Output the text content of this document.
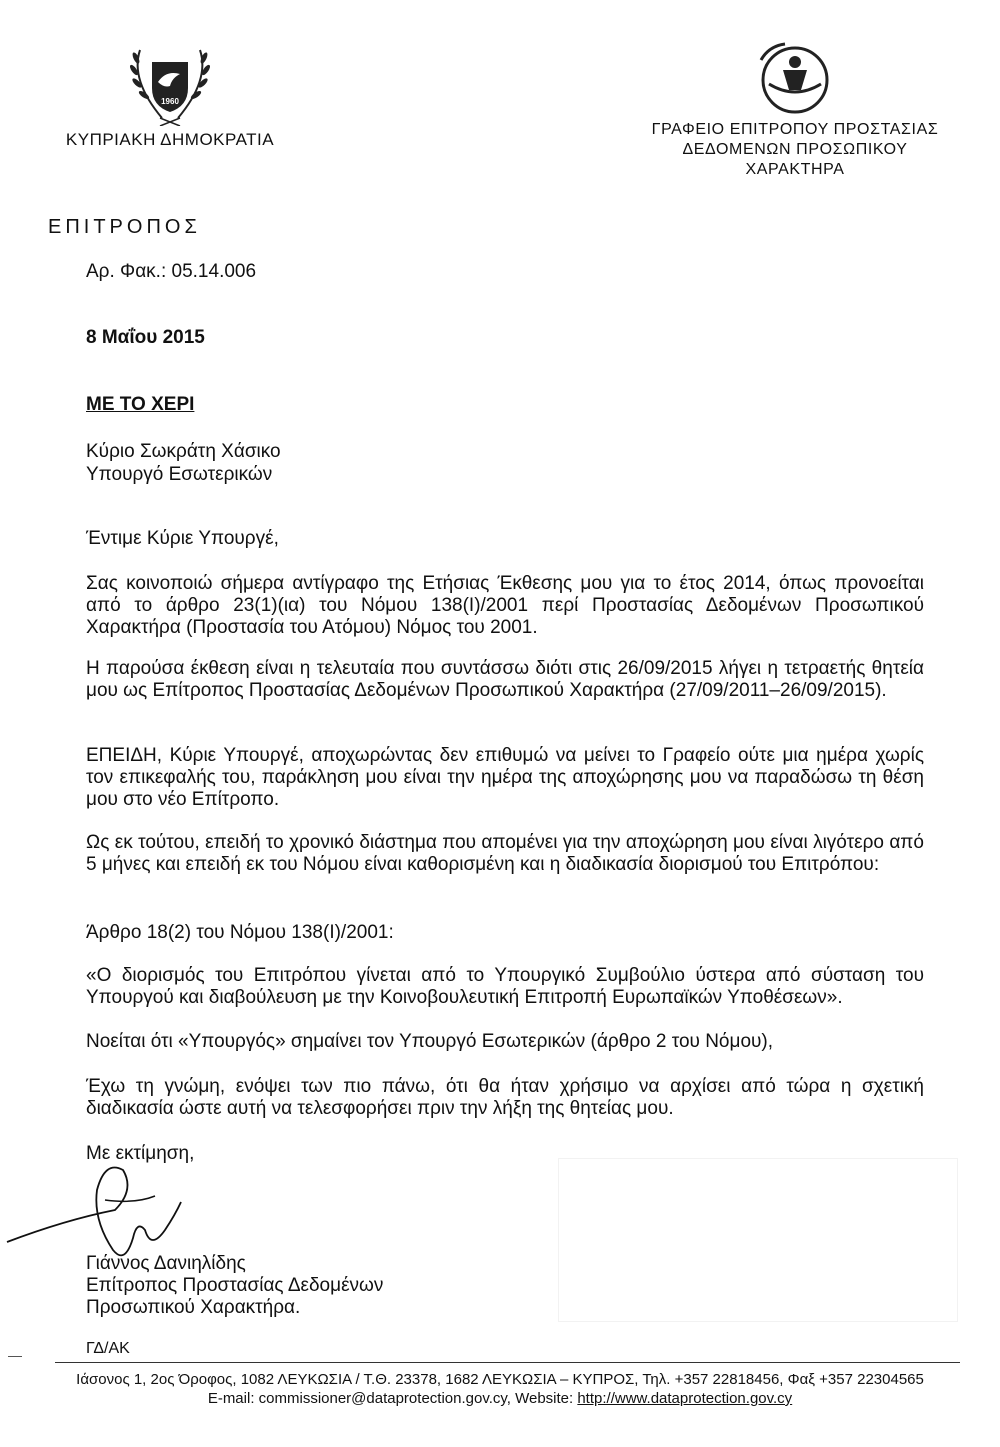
1960
ΚΥΠΡΙΑΚΗ ΔΗΜΟΚΡΑΤΙΑ
ΓΡΑΦΕΙΟ ΕΠΙΤΡΟΠΟΥ ΠΡΟΣΤΑΣΙΑΣ
ΔΕΔΟΜΕΝΩΝ ΠΡΟΣΩΠΙΚΟΥ
ΧΑΡΑΚΤΗΡΑ
ΕΠΙΤΡΟΠΟΣ
Αρ. Φακ.: 05.14.006
8 Μαΐου 2015
ΜΕ ΤΟ ΧΕΡΙ
Κύριο Σωκράτη Χάσικο
Υπουργό Εσωτερικών
Έντιμε Κύριε Υπουργέ,
Σας κοινοποιώ σήμερα αντίγραφο της Ετήσιας Έκθεσης μου για το έτος 2014, όπως προνοείται από το άρθρο 23(1)(ια) του Νόμου 138(Ι)/2001 περί Προστασίας Δεδομένων Προσωπικού Χαρακτήρα (Προστασία του Ατόμου) Νόμος του 2001.
Η παρούσα έκθεση είναι η τελευταία που συντάσσω διότι στις 26/09/2015 λήγει η τετραετής θητεία μου ως Επίτροπος Προστασίας Δεδομένων Προσωπικού Χαρακτήρα (27/09/2011–26/09/2015).
ΕΠΕΙΔΗ, Κύριε Υπουργέ, αποχωρώντας δεν επιθυμώ να μείνει το Γραφείο ούτε μια ημέρα χωρίς τον επικεφαλής του, παράκληση μου είναι την ημέρα της αποχώρησης μου να παραδώσω τη θέση μου στο νέο Επίτροπο.
Ως εκ τούτου, επειδή το χρονικό διάστημα που απομένει για την αποχώρηση μου είναι λιγότερο από 5 μήνες και επειδή εκ του Νόμου είναι καθορισμένη και η διαδικασία διορισμού του Επιτρόπου:
Άρθρο 18(2) του Νόμου 138(Ι)/2001:
«Ο διορισμός του Επιτρόπου γίνεται από το Υπουργικό Συμβούλιο ύστερα από σύσταση του Υπουργού και διαβούλευση με την Κοινοβουλευτική Επιτροπή Ευρωπαϊκών Υποθέσεων».
Νοείται ότι «Υπουργός» σημαίνει τον Υπουργό Εσωτερικών (άρθρο 2 του Νόμου),
Έχω τη γνώμη, ενόψει των πιο πάνω, ότι θα ήταν χρήσιμο να αρχίσει από τώρα η σχετική διαδικασία ώστε αυτή να τελεσφορήσει πριν την λήξη της θητείας μου.
Με εκτίμηση,
Γιάννος Δανιηλίδης
Επίτροπος Προστασίας Δεδομένων
Προσωπικού Χαρακτήρα.
ΓΔ/ΑΚ
Ιάσονος 1, 2ος Όροφος, 1082 ΛΕΥΚΩΣΙΑ / Τ.Θ. 23378, 1682 ΛΕΥΚΩΣΙΑ – ΚΥΠΡΟΣ, Τηλ. +357 22818456, Φαξ +357 22304565
E-mail: commissioner@dataprotection.gov.cy, Website: http://www.dataprotection.gov.cy
